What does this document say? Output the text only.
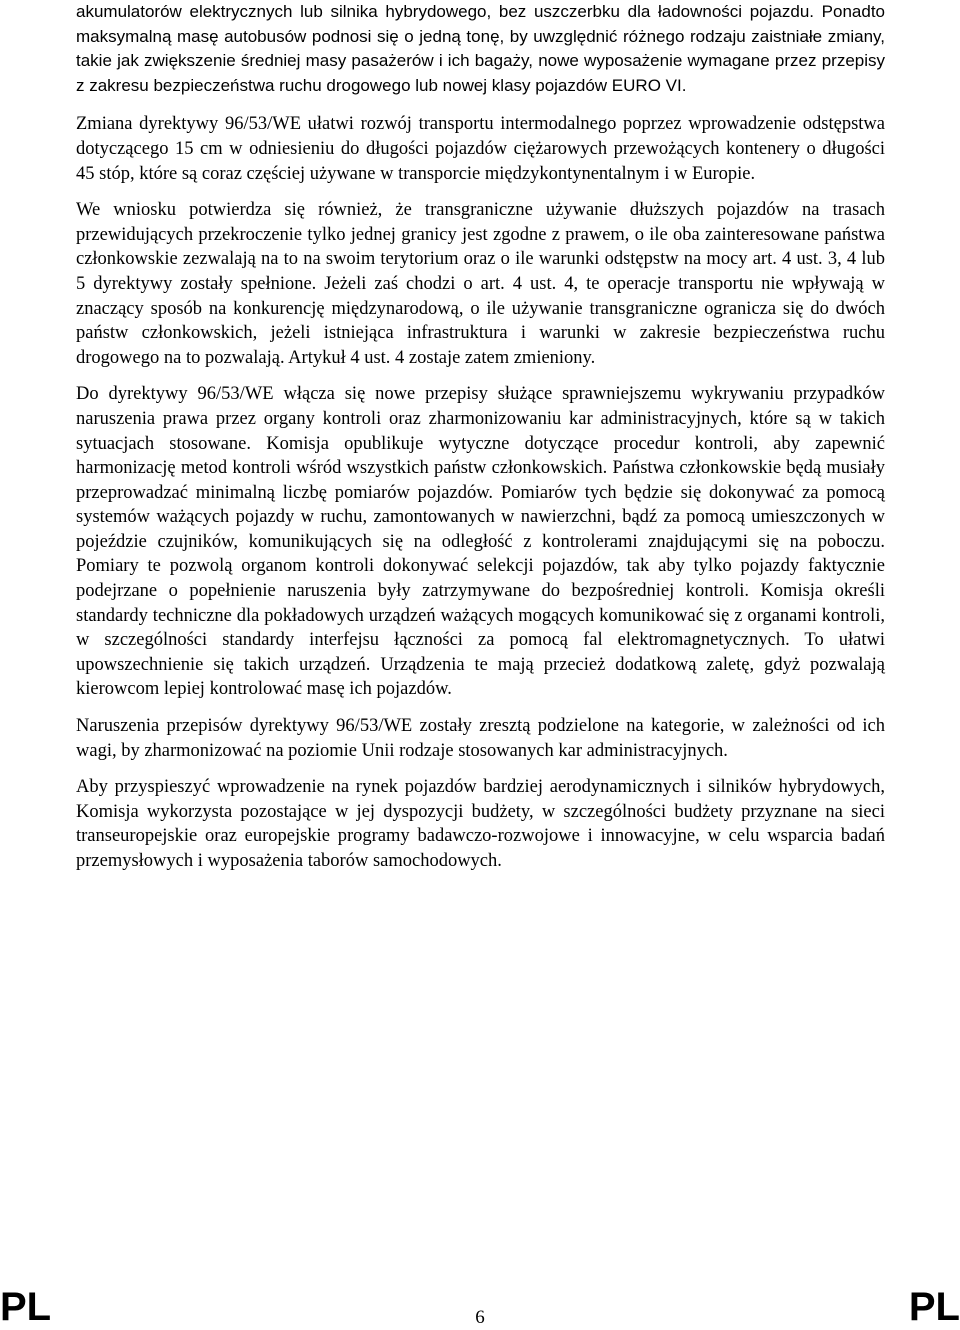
akumulatorów elektrycznych lub silnika hybrydowego, bez uszczerbku dla ładowności pojazdu. Ponadto maksymalną masę autobusów podnosi się o jedną tonę, by uwzględnić różnego rodzaju zaistniałe zmiany, takie jak zwiększenie średniej masy pasażerów i ich bagaży, nowe wyposażenie wymagane przez przepisy z zakresu bezpieczeństwa ruchu drogowego lub nowej klasy pojazdów EURO VI.

Zmiana dyrektywy 96/53/WE ułatwi rozwój transportu intermodalnego poprzez wprowadzenie odstępstwa dotyczącego 15 cm w odniesieniu do długości pojazdów ciężarowych przewożących kontenery o długości 45 stóp, które są coraz częściej używane w transporcie międzykontynentalnym i w Europie.

We wniosku potwierdza się również, że transgraniczne używanie dłuższych pojazdów na trasach przewidujących przekroczenie tylko jednej granicy jest zgodne z prawem, o ile oba zainteresowane państwa członkowskie zezwalają na to na swoim terytorium oraz o ile warunki odstępstw na mocy art. 4 ust. 3, 4 lub 5 dyrektywy zostały spełnione. Jeżeli zaś chodzi o art. 4 ust. 4, te operacje transportu nie wpływają w znaczący sposób na konkurencję międzynarodową, o ile używanie transgraniczne ogranicza się do dwóch państw członkowskich, jeżeli istniejąca infrastruktura i warunki w zakresie bezpieczeństwa ruchu drogowego na to pozwalają. Artykuł 4 ust. 4 zostaje zatem zmieniony.

Do dyrektywy 96/53/WE włącza się nowe przepisy służące sprawniejszemu wykrywaniu przypadków naruszenia prawa przez organy kontroli oraz zharmonizowaniu kar administracyjnych, które są w takich sytuacjach stosowane. Komisja opublikuje wytyczne dotyczące procedur kontroli, aby zapewnić harmonizację metod kontroli wśród wszystkich państw członkowskich. Państwa członkowskie będą musiały przeprowadzać minimalną liczbę pomiarów pojazdów. Pomiarów tych będzie się dokonywać za pomocą systemów ważących pojazdy w ruchu, zamontowanych w nawierzchni, bądź za pomocą umieszczonych w pojeździe czujników, komunikujących się na odległość z kontrolerami znajdującymi się na poboczu. Pomiary te pozwolą organom kontroli dokonywać selekcji pojazdów, tak aby tylko pojazdy faktycznie podejrzane o popełnienie naruszenia były zatrzymywane do bezpośredniej kontroli. Komisja określi standardy techniczne dla pokładowych urządzeń ważących mogących komunikować się z organami kontroli, w szczególności standardy interfejsu łączności za pomocą fal elektromagnetycznych. To ułatwi upowszechnienie się takich urządzeń. Urządzenia te mają przecież dodatkową zaletę, gdyż pozwalają kierowcom lepiej kontrolować masę ich pojazdów.

Naruszenia przepisów dyrektywy 96/53/WE zostały zresztą podzielone na kategorie, w zależności od ich wagi, by zharmonizować na poziomie Unii rodzaje stosowanych kar administracyjnych.

Aby przyspieszyć wprowadzenie na rynek pojazdów bardziej aerodynamicznych i silników hybrydowych, Komisja wykorzysta pozostające w jej dyspozycji budżety, w szczególności budżety przyznane na sieci transeuropejskie oraz europejskie programy badawczo-rozwojowe i innowacyjne, w celu wsparcia badań przemysłowych i wyposażenia taborów samochodowych.

PL	6	PL
